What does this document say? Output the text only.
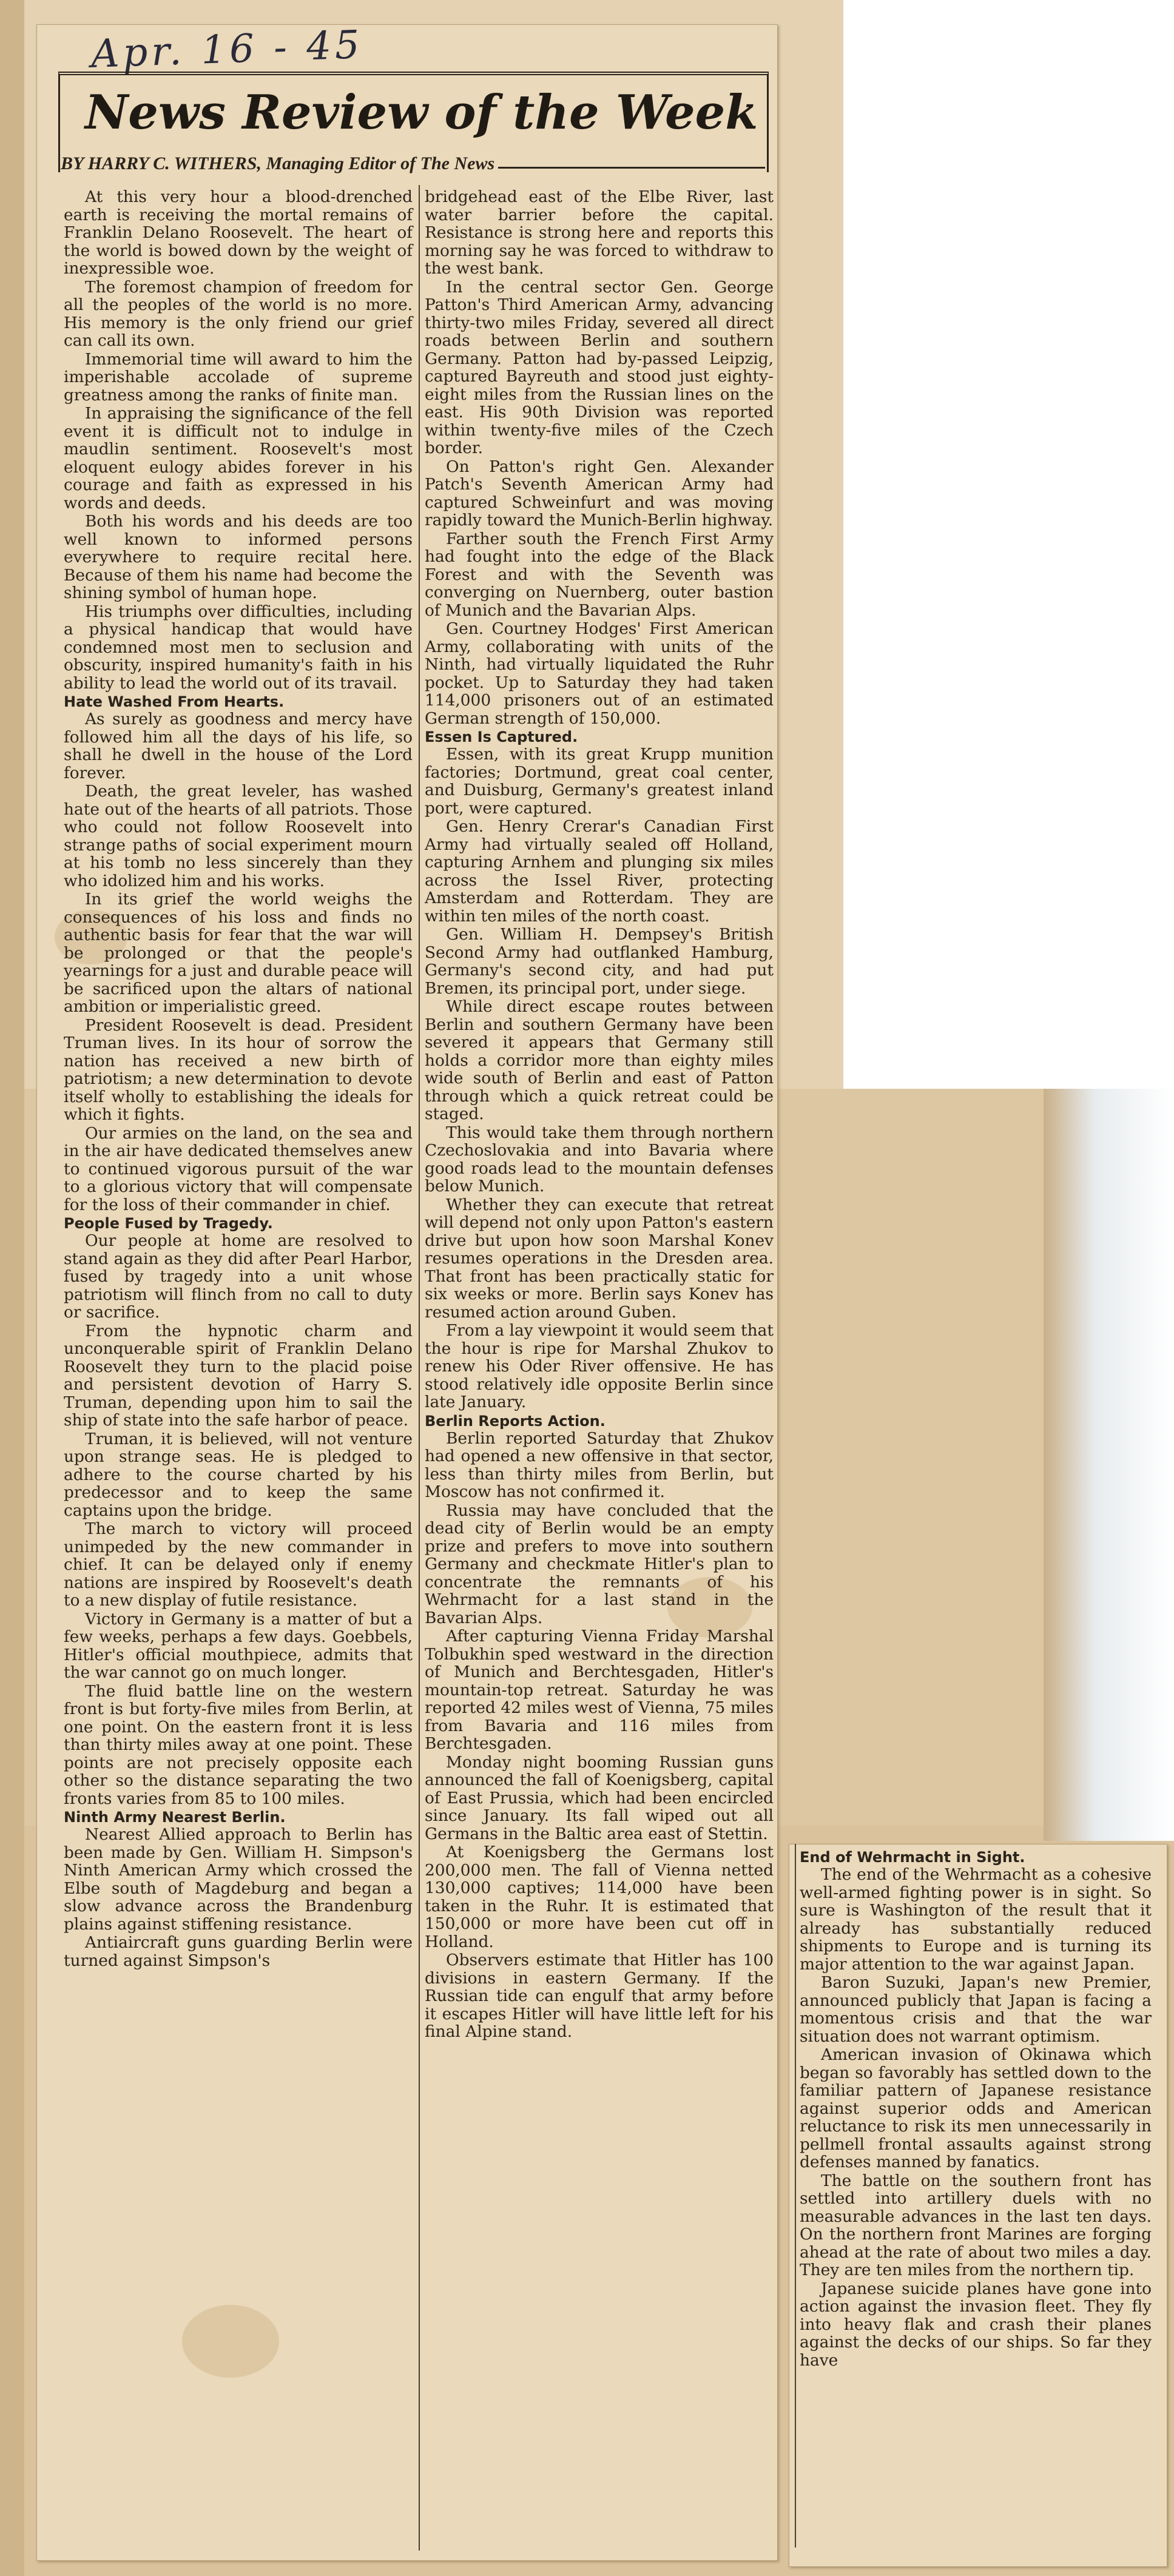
Apr. 16 - 45
News Review of the Week
BY HARRY C. WITHERS, Managing Editor of The News

At this very hour a blood-drenched earth is receiving the mortal remains of Franklin Delano Roosevelt. The heart of the world is bowed down by the weight of inexpressible woe.

The foremost champion of freedom for all the peoples of the world is no more. His memory is the only friend our grief can call its own.

Immemorial time will award to him the imperishable accolade of supreme greatness among the ranks of finite man.

In appraising the significance of the fell event it is difficult not to indulge in maudlin sentiment. Roosevelt's most eloquent eulogy abides forever in his courage and faith as expressed in his words and deeds.

Both his words and his deeds are too well known to informed persons everywhere to require recital here. Because of them his name had become the shining symbol of human hope.

His triumphs over difficulties, including a physical handicap that would have condemned most men to seclusion and obscurity, inspired humanity's faith in his ability to lead the world out of its travail.

Hate Washed From Hearts.

As surely as goodness and mercy have followed him all the days of his life, so shall he dwell in the house of the Lord forever.

Death, the great leveler, has washed hate out of the hearts of all patriots. Those who could not follow Roosevelt into strange paths of social experiment mourn at his tomb no less sincerely than they who idolized him and his works.

In its grief the world weighs the consequences of his loss and finds no authentic basis for fear that the war will be prolonged or that the people's yearnings for a just and durable peace will be sacrificed upon the altars of national ambition or imperialistic greed.

President Roosevelt is dead. President Truman lives. In its hour of sorrow the nation has received a new birth of patriotism; a new determination to devote itself wholly to establishing the ideals for which it fights.

Our armies on the land, on the sea and in the air have dedicated themselves anew to continued vigorous pursuit of the war to a glorious victory that will compensate for the loss of their commander in chief.

People Fused by Tragedy.

Our people at home are resolved to stand again as they did after Pearl Harbor, fused by tragedy into a unit whose patriotism will flinch from no call to duty or sacrifice.

From the hypnotic charm and unconquerable spirit of Franklin Delano Roosevelt they turn to the placid poise and persistent devotion of Harry S. Truman, depending upon him to sail the ship of state into the safe harbor of peace.

Truman, it is believed, will not venture upon strange seas. He is pledged to adhere to the course charted by his predecessor and to keep the same captains upon the bridge.

The march to victory will proceed unimpeded by the new commander in chief. It can be delayed only if enemy nations are inspired by Roosevelt's death to a new display of futile resistance.

Victory in Germany is a matter of but a few weeks, perhaps a few days. Goebbels, Hitler's official mouthpiece, admits that the war cannot go on much longer.

The fluid battle line on the western front is but forty-five miles from Berlin, at one point. On the eastern front it is less than thirty miles away at one point. These points are not precisely opposite each other so the distance separating the two fronts varies from 85 to 100 miles.

Ninth Army Nearest Berlin.

Nearest Allied approach to Berlin has been made by Gen. William H. Simpson's Ninth American Army which crossed the Elbe south of Magdeburg and began a slow advance across the Brandenburg plains against stiffening resistance.

Antiaircraft guns guarding Berlin were turned against Simpson's

bridgehead east of the Elbe River, last water barrier before the capital. Resistance is strong here and reports this morning say he was forced to withdraw to the west bank.

In the central sector Gen. George Patton's Third American Army, advancing thirty-two miles Friday, severed all direct roads between Berlin and southern Germany. Patton had by-passed Leipzig, captured Bayreuth and stood just eighty-eight miles from the Russian lines on the east. His 90th Division was reported within twenty-five miles of the Czech border.

On Patton's right Gen. Alexander Patch's Seventh American Army had captured Schweinfurt and was moving rapidly toward the Munich-Berlin highway.

Farther south the French First Army had fought into the edge of the Black Forest and with the Seventh was converging on Nuernberg, outer bastion of Munich and the Bavarian Alps.

Gen. Courtney Hodges' First American Army, collaborating with units of the Ninth, had virtually liquidated the Ruhr pocket. Up to Saturday they had taken 114,000 prisoners out of an estimated German strength of 150,000.

Essen Is Captured.

Essen, with its great Krupp munition factories; Dortmund, great coal center, and Duisburg, Germany's greatest inland port, were captured.

Gen. Henry Crerar's Canadian First Army had virtually sealed off Holland, capturing Arnhem and plunging six miles across the Issel River, protecting Amsterdam and Rotterdam. They are within ten miles of the north coast.

Gen. William H. Dempsey's British Second Army had outflanked Hamburg, Germany's second city, and had put Bremen, its principal port, under siege.

While direct escape routes between Berlin and southern Germany have been severed it appears that Germany still holds a corridor more than eighty miles wide south of Berlin and east of Patton through which a quick retreat could be staged.

This would take them through northern Czechoslovakia and into Bavaria where good roads lead to the mountain defenses below Munich.

Whether they can execute that retreat will depend not only upon Patton's eastern drive but upon how soon Marshal Konev resumes operations in the Dresden area. That front has been practically static for six weeks or more. Berlin says Konev has resumed action around Guben.

From a lay viewpoint it would seem that the hour is ripe for Marshal Zhukov to renew his Oder River offensive. He has stood relatively idle opposite Berlin since late January.

Berlin Reports Action.

Berlin reported Saturday that Zhukov had opened a new offensive in that sector, less than thirty miles from Berlin, but Moscow has not confirmed it.

Russia may have concluded that the dead city of Berlin would be an empty prize and prefers to move into southern Germany and checkmate Hitler's plan to concentrate the remnants of his Wehrmacht for a last stand in the Bavarian Alps.

After capturing Vienna Friday Marshal Tolbukhin sped westward in the direction of Munich and Berchtesgaden, Hitler's mountain-top retreat. Saturday he was reported 42 miles west of Vienna, 75 miles from Bavaria and 116 miles from Berchtesgaden.

Monday night booming Russian guns announced the fall of Koenigsberg, capital of East Prussia, which had been encircled since January. Its fall wiped out all Germans in the Baltic area east of Stettin.

At Koenigsberg the Germans lost 200,000 men. The fall of Vienna netted 130,000 captives; 114,000 have been taken in the Ruhr. It is estimated that 150,000 or more have been cut off in Holland.

Observers estimate that Hitler has 100 divisions in eastern Germany. If the Russian tide can engulf that army before it escapes Hitler will have little left for his final Alpine stand.

End of Wehrmacht in Sight.

The end of the Wehrmacht as a cohesive well-armed fighting power is in sight. So sure is Washington of the result that it already has substantially reduced shipments to Europe and is turning its major attention to the war against Japan.

Baron Suzuki, Japan's new Premier, announced publicly that Japan is facing a momentous crisis and that the war situation does not warrant optimism.

American invasion of Okinawa which began so favorably has settled down to the familiar pattern of Japanese resistance against superior odds and American reluctance to risk its men unnecessarily in pellmell frontal assaults against strong defenses manned by fanatics.

The battle on the southern front has settled into artillery duels with no measurable advances in the last ten days. On the northern front Marines are forging ahead at the rate of about two miles a day. They are ten miles from the northern tip.

Japanese suicide planes have gone into action against the invasion fleet. They fly into heavy flak and crash their planes against the decks of our ships. So far they have
